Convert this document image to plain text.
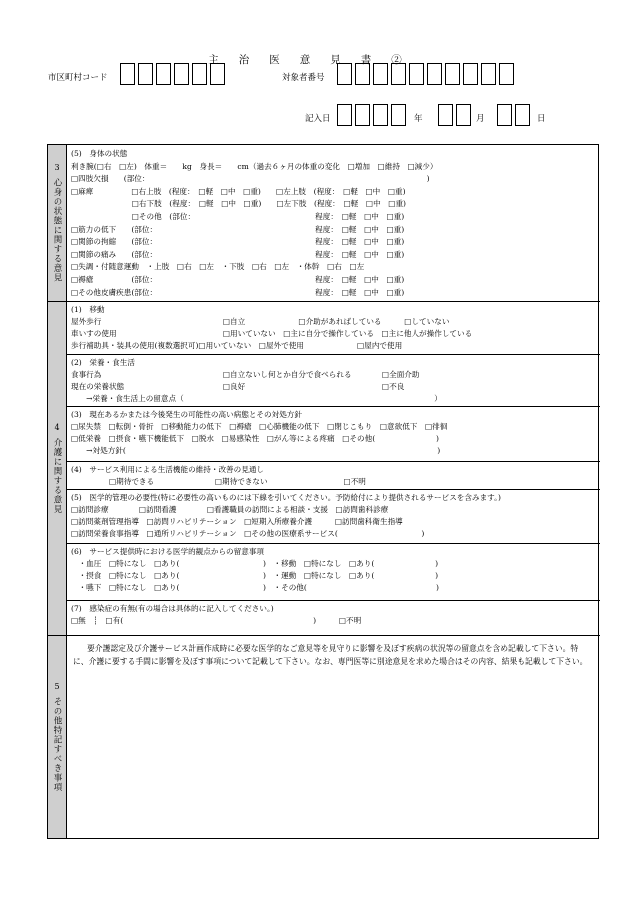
主治医意見書②
市区町村コード	対象者番号
記入日	年	月	日
3
心身の状態に関する意見
(5)　身体の状態
利き腕(□右　□左)　体重＝　　kg　身長＝　　cm（過去６ヶ月の体重の変化　□増加　□維持　□減少）
□四肢欠損　　(部位：　　　　　　　　　　　　　　　　　　　　　　　　　　　　　　　　　　　　　)
□麻痺　　　　　□右上肢　(程度：　□軽　□中　□重)　　□左上肢　(程度：　□軽　□中　□重)
　　　　　　　　□右下肢　(程度：　□軽　□中　□重)　　□左下肢　(程度：　□軽　□中　□重)
　　　　　　　　□その他　(部位：　　　　　　　　　　　　　　　　 程度：　□軽　□中　□重)
□筋力の低下　　(部位：　　　　　　　　　　　　　　　　　　　　　 程度：　□軽　□中　□重)
□関節の拘縮　　(部位：　　　　　　　　　　　　　　　　　　　　　 程度：　□軽　□中　□重)
□関節の痛み　　(部位：　　　　　　　　　　　　　　　　　　　　　 程度：　□軽　□中　□重)
□失調・付随意運動　・上肢　□右　□左　・下肢　□右　□左　・体幹　□右　□左
□褥瘡　　　　　(部位：　　　　　　　　　　　　　　　　　　　　　 程度：　□軽　□中　□重)
□その他皮膚疾患(部位：　　　　　　　　　　　　　　　　　　　　　 程度：　□軽　□中　□重)
4
介護に関する意見
(1)　移動
屋外歩行　　　　　　　　　　　　　　　　□自立　　　　　　　□介助があればしている　　　□していない
車いすの使用　　　　　　　　　　　　　　□用いていない　□主に自分で操作している　□主に他人が操作している
歩行補助具・装具の使用(複数選択可)□用いていない　□屋外で使用　　　　　　　□屋内で使用
(2)　栄養・食生活
食事行為　　　　　　　　　　　　　　　　□自立ないし何とか自分で食べられる　　　　□全面介助
現在の栄養状態　　　　　　　　　　　　　□良好　　　　　　　　　　　　　　　　　　□不良
　　→栄養・食生活上の留意点（　　　　　　　　　　　　　　　　　　　　　　　　　　　　　　　　　）
(3)　現在あるかまたは今後発生の可能性の高い病態とその対処方針
□尿失禁　□転倒・骨折　□移動能力の低下　□褥瘡　□心肺機能の低下　□閉じこもり　□意欲低下　□徘徊
□低栄養　□摂食・嚥下機能低下　□脱水　□易感染性　□がん等による疼痛　□その他(　　　　　　　　)
　　→対処方針(　　　　　　　　　　　　　　　　　　　　　　　　　　　　　　　　　　　　　　　　　)
(4)　サービス利用による生活機能の維持・改善の見通し
　　　　　□期待できる　　　　　　　　□期待できない　　　　　　　　　　□不明
(5)　医学的管理の必要性(特に必要性の高いものには下線を引いてください。予防給付により提供されるサービスを含みます。)
□訪問診療　　　　□訪問看護　　　　□看護職員の訪問による相談・支援　□訪問歯科診療
□訪問薬剤管理指導　□訪問リハビリテーション　□短期入所療養介護　　　□訪問歯科衛生指導
□訪問栄養食事指導　□通所リハビリテーション　□その他の医療系サービス(　　　　　　　　　　　)
(6)　サービス提供時における医学的観点からの留意事項
　・血圧　□特になし　□あり(　　　　　　　　　　　)　・移動　□特になし　□あり(　　　　　　　　)
　・摂食　□特になし　□あり(　　　　　　　　　　　)　・運動　□特になし　□あり(　　　　　　　　)
　・嚥下　□特になし　□あり(　　　　　　　　　　　)　・その他(　　　　　　　　　　　　　　　　　)
(7)　感染症の有無(有の場合は具体的に記入してください。)
□無　┊　□有(　　　　　　　　　　　　　　　　　　　　　　　　　)　　　□不明
5
その他特記すべき事項
要介護認定及び介護サービス計画作成時に必要な医学的なご意見等を見守りに影響を及ぼす疾病の状況等の留意点を含め記載して下さい。特に、介護に要する手間に影響を及ぼす事項について記載して下さい。なお、専門医等に別途意見を求めた場合はその内容、結果も記載して下さい。
